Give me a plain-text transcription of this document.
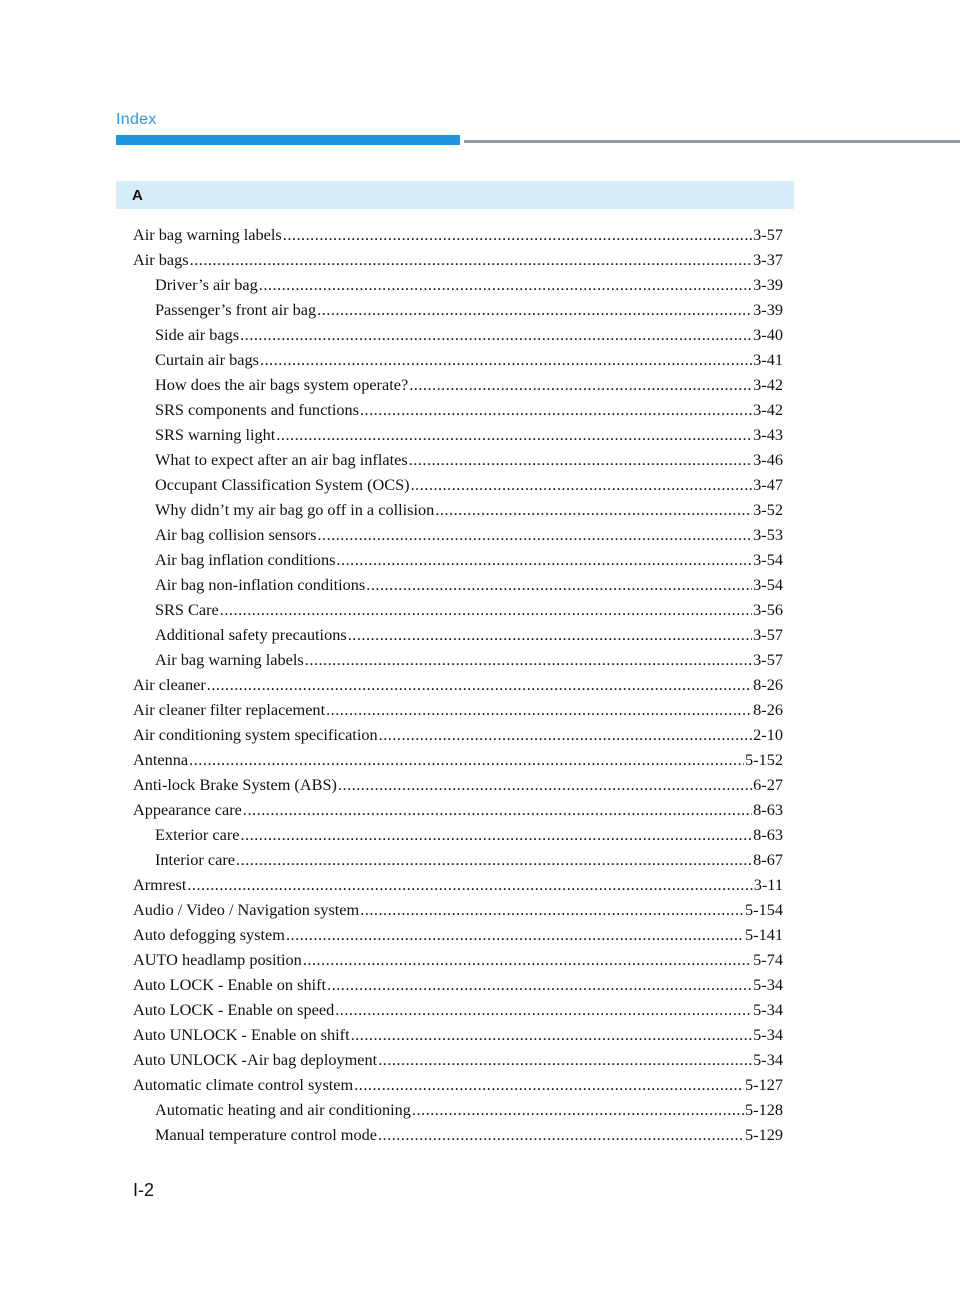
Index
A
Air bag warning labels .....	3-57
Air bags .....	3-37
Driver’s air bag .....	3-39
Passenger’s front air bag .....	3-39
Side air bags .....	3-40
Curtain air bags .....	3-41
How does the air bags system operate? .....	3-42
SRS components and functions .....	3-42
SRS warning light .....	3-43
What to expect after an air bag inflates .....	3-46
Occupant Classification System (OCS) .....	3-47
Why didn’t my air bag go off in a collision .....	3-52
Air bag collision sensors .....	3-53
Air bag inflation conditions .....	3-54
Air bag non-inflation conditions .....	3-54
SRS Care .....	3-56
Additional safety precautions .....	3-57
Air bag warning labels .....	3-57
Air cleaner .....	8-26
Air cleaner filter replacement .....	8-26
Air conditioning system specification .....	2-10
Antenna .....	5-152
Anti-lock Brake System (ABS) .....	6-27
Appearance care .....	8-63
Exterior care .....	8-63
Interior care .....	8-67
Armrest .....	3-11
Audio / Video / Navigation system .....	5-154
Auto defogging system .....	5-141
AUTO headlamp position .....	5-74
Auto LOCK - Enable on shift .....	5-34
Auto LOCK - Enable on speed .....	5-34
Auto UNLOCK - Enable on shift .....	5-34
Auto UNLOCK -Air bag deployment .....	5-34
Automatic climate control system .....	5-127
Automatic heating and air conditioning .....	5-128
Manual temperature control mode .....	5-129
I-2
